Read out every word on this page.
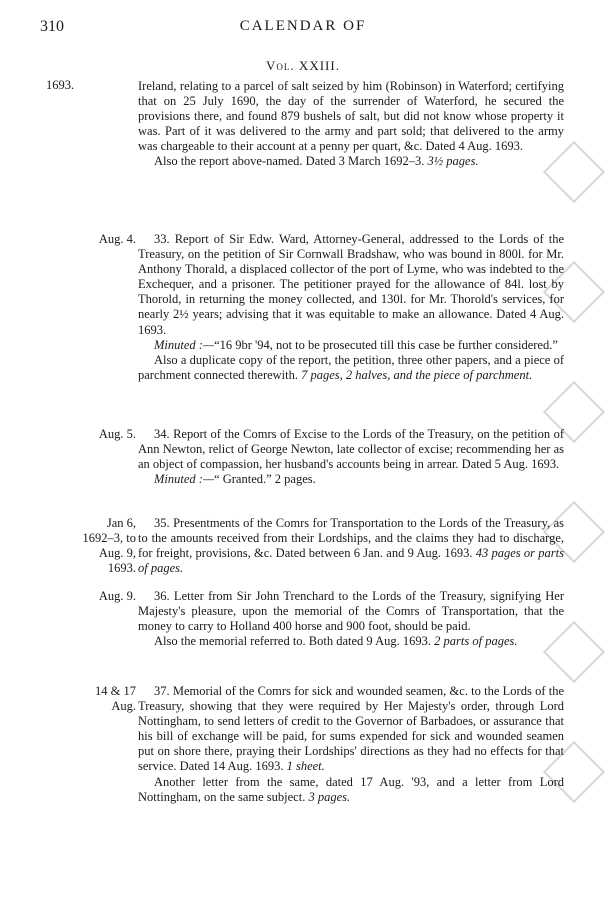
310	CALENDAR OF
Vol. XXIII.
1693.
Aug. 4.
Aug. 5.
Jan 6,
1692–3, to
Aug. 9,
1693.
Aug. 9.
14 & 17
Aug.

Ireland, relating to a parcel of salt seized by him (Robinson) in Waterford; certifying that on 25 July 1690, the day of the surrender of Waterford, he secured the provisions there, and found 879 bushels of salt, but did not know whose property it was. Part of it was delivered to the army and part sold; that delivered to the army was chargeable to their account at a penny per quart, &c. Dated 4 Aug. 1693.

Also the report above-named. Dated 3 March 1692–3. 3½ pages.

33. Report of Sir Edw. Ward, Attorney-General, addressed to the Lords of the Treasury, on the petition of Sir Cornwall Bradshaw, who was bound in 800l. for Mr. Anthony Thorald, a displaced collector of the port of Lyme, who was indebted to the Exchequer, and a prisoner. The petitioner prayed for the allowance of 84l. lost by Thorold, in returning the money collected, and 130l. for Mr. Thorold's services, for nearly 2½ years; advising that it was equitable to make an allowance. Dated 4 Aug. 1693.

Minuted :—“16 9br '94, not to be prosecuted till this case be further considered.”

Also a duplicate copy of the report, the petition, three other papers, and a piece of parchment connected therewith. 7 pages, 2 halves, and the piece of parchment.

34. Report of the Comrs of Excise to the Lords of the Treasury, on the petition of Ann Newton, relict of George Newton, late collector of excise; recommending her as an object of compassion, her husband's accounts being in arrear. Dated 5 Aug. 1693.

Minuted :—“ Granted.” 2 pages.

35. Presentments of the Comrs for Transportation to the Lords of the Treasury, as to the amounts received from their Lordships, and the claims they had to discharge, for freight, provisions, &c. Dated between 6 Jan. and 9 Aug. 1693. 43 pages or parts of pages.

36. Letter from Sir John Trenchard to the Lords of the Treasury, signifying Her Majesty's pleasure, upon the memorial of the Comrs of Transportation, that the money to carry to Holland 400 horse and 900 foot, should be paid.

Also the memorial referred to. Both dated 9 Aug. 1693. 2 parts of pages.

37. Memorial of the Comrs for sick and wounded seamen, &c. to the Lords of the Treasury, showing that they were required by Her Majesty's order, through Lord Nottingham, to send letters of credit to the Governor of Barbadoes, or assurance that his bill of exchange will be paid, for sums expended for sick and wounded seamen put on shore there, praying their Lordships' directions as they had no effects for that service. Dated 14 Aug. 1693. 1 sheet.

Another letter from the same, dated 17 Aug. '93, and a letter from Lord Nottingham, on the same subject. 3 pages.
